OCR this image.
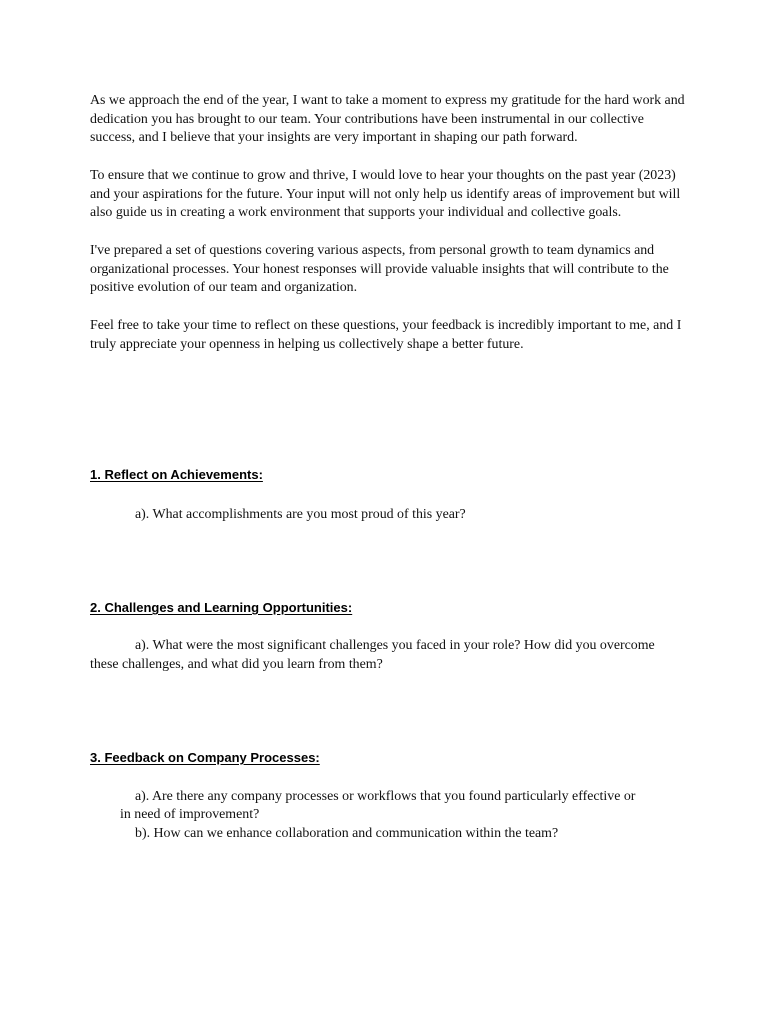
As we approach the end of the year, I want to take a moment to express my gratitude for the hard work and dedication you has brought to our team. Your contributions have been instrumental in our collective success, and I believe that your insights are very important in shaping our path forward.

To ensure that we continue to grow and thrive, I would love to hear your thoughts on the past year (2023) and your aspirations for the future. Your input will not only help us identify areas of improvement but will also guide us in creating a work environment that supports your individual and collective goals.

I've prepared a set of questions covering various aspects, from personal growth to team dynamics and organizational processes. Your honest responses will provide valuable insights that will contribute to the positive evolution of our team and organization.

Feel free to take your time to reflect on these questions, your feedback is incredibly important to me, and I truly appreciate your openness in helping us collectively shape a better future.

1. Reflect on Achievements:

a). What accomplishments are you most proud of this year?

2. Challenges and Learning Opportunities:

a). What were the most significant challenges you faced in your role? How did you overcome

these challenges, and what did you learn from them?

3. Feedback on Company Processes:

a). Are there any company processes or workflows that you found particularly effective or

in need of improvement?

b). How can we enhance collaboration and communication within the team?
